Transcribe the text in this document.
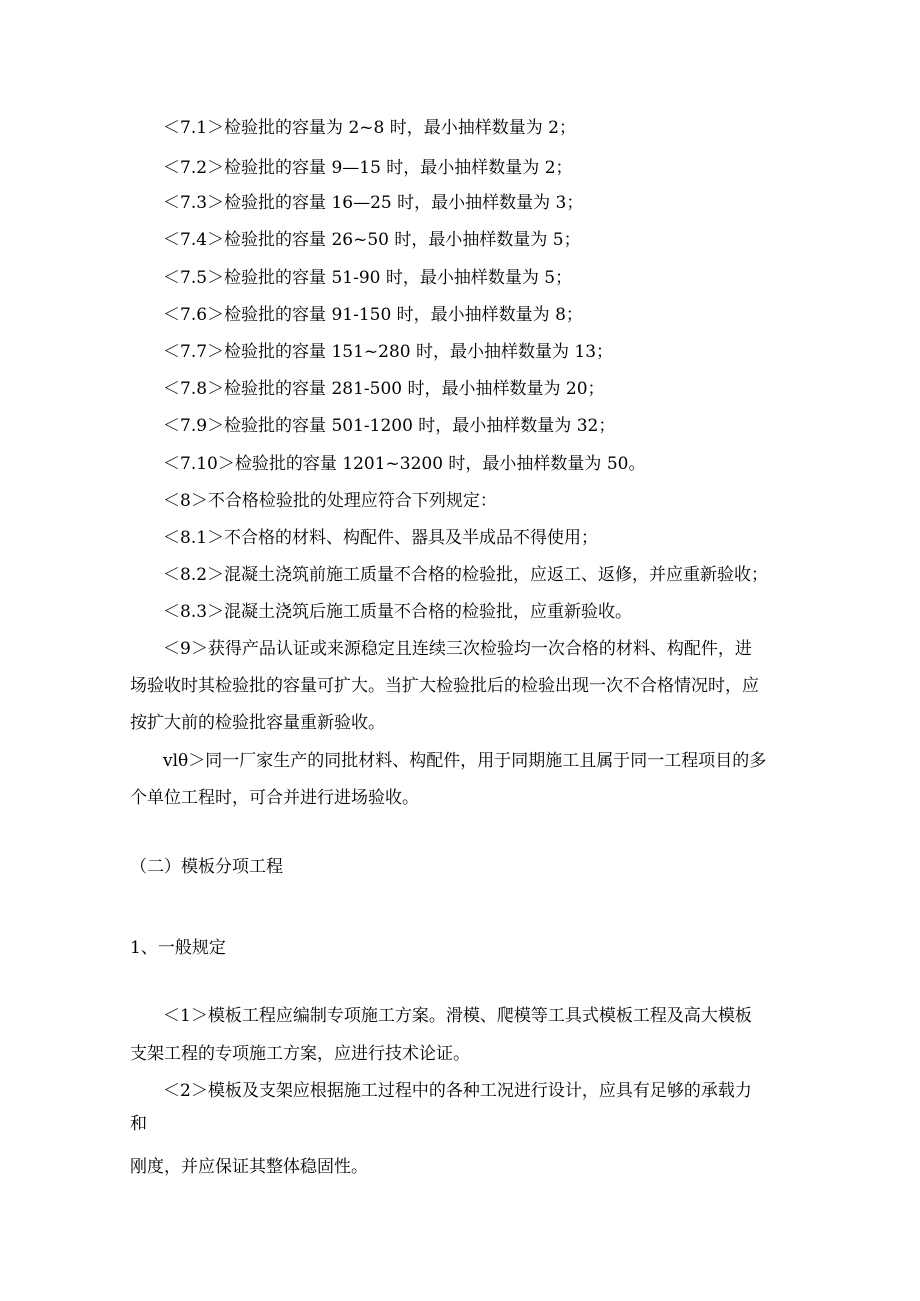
＜7.1＞检验批的容量为 2~8 时，最小抽样数量为 2；

＜7.2＞检验批的容量 9—15 时，最小抽样数量为 2；

＜7.3＞检验批的容量 16—25 时，最小抽样数量为 3；

＜7.4＞检验批的容量 26~50 时，最小抽样数量为 5；

＜7.5＞检验批的容量 51-90 时，最小抽样数量为 5；

＜7.6＞检验批的容量 91-150 时，最小抽样数量为 8；

＜7.7＞检验批的容量 151~280 时，最小抽样数量为 13；

＜7.8＞检验批的容量 281-500 时，最小抽样数量为 20；

＜7.9＞检验批的容量 501-1200 时，最小抽样数量为 32；

＜7.10＞检验批的容量 1201~3200 时，最小抽样数量为 50。

＜8＞不合格检验批的处理应符合下列规定：

＜8.1＞不合格的材料、构配件、器具及半成品不得使用；

＜8.2＞混凝土浇筑前施工质量不合格的检验批，应返工、返修，并应重新验收；

＜8.3＞混凝土浇筑后施工质量不合格的检验批，应重新验收。

＜9＞获得产品认证或来源稳定且连续三次检验均一次合格的材料、构配件，进

场验收时其检验批的容量可扩大。当扩大检验批后的检验出现一次不合格情况时，应

按扩大前的检验批容量重新验收。

vlθ＞同一厂家生产的同批材料、构配件，用于同期施工且属于同一工程项目的多

个单位工程时，可合并进行进场验收。

（二）模板分项工程

1、一般规定

＜1＞模板工程应编制专项施工方案。滑模、爬模等工具式模板工程及高大模板

支架工程的专项施工方案，应进行技术论证。

＜2＞模板及支架应根据施工过程中的各种工况进行设计，应具有足够的承载力

和

刚度，并应保证其整体稳固性。
